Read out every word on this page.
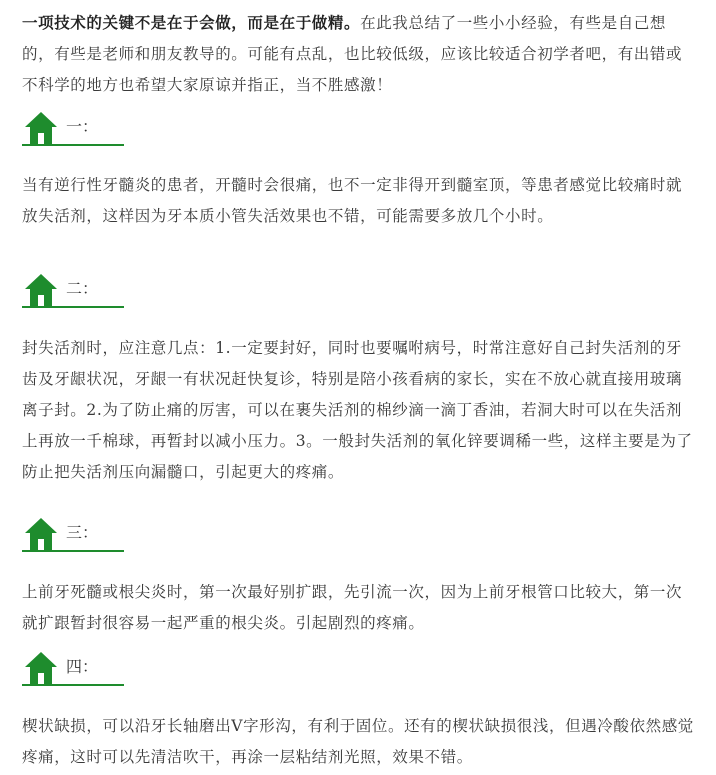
一项技术的关键不是在于会做，而是在于做精。在此我总结了一些小小经验，有些是自己想的，有些是老师和朋友教导的。可能有点乱，也比较低级，应该比较适合初学者吧，有出错或不科学的地方也希望大家原谅并指正，当不胜感激！

一：

当有逆行性牙髓炎的患者，开髓时会很痛，也不一定非得开到髓室顶，等患者感觉比较痛时就放失活剂，这样因为牙本质小管失活效果也不错，可能需要多放几个小时。

二：

封失活剂时，应注意几点：1.一定要封好，同时也要嘱咐病号，时常注意好自己封失活剂的牙齿及牙龈状况，牙龈一有状况赶快复诊，特别是陪小孩看病的家长，实在不放心就直接用玻璃离子封。2.为了防止痛的厉害，可以在裹失活剂的棉纱滴一滴丁香油，若洞大时可以在失活剂上再放一千棉球，再暂封以减小压力。3。一般封失活剂的氧化锌要调稀一些，这样主要是为了防止把失活剂压向漏髓口，引起更大的疼痛。

三：

上前牙死髓或根尖炎时，第一次最好别扩跟，先引流一次，因为上前牙根管口比较大，第一次就扩跟暂封很容易一起严重的根尖炎。引起剧烈的疼痛。

四：

楔状缺损，可以沿牙长轴磨出V字形沟，有利于固位。还有的楔状缺损很浅，但遇冷酸依然感觉疼痛，这时可以先清洁吹干，再涂一层粘结剂光照，效果不错。
